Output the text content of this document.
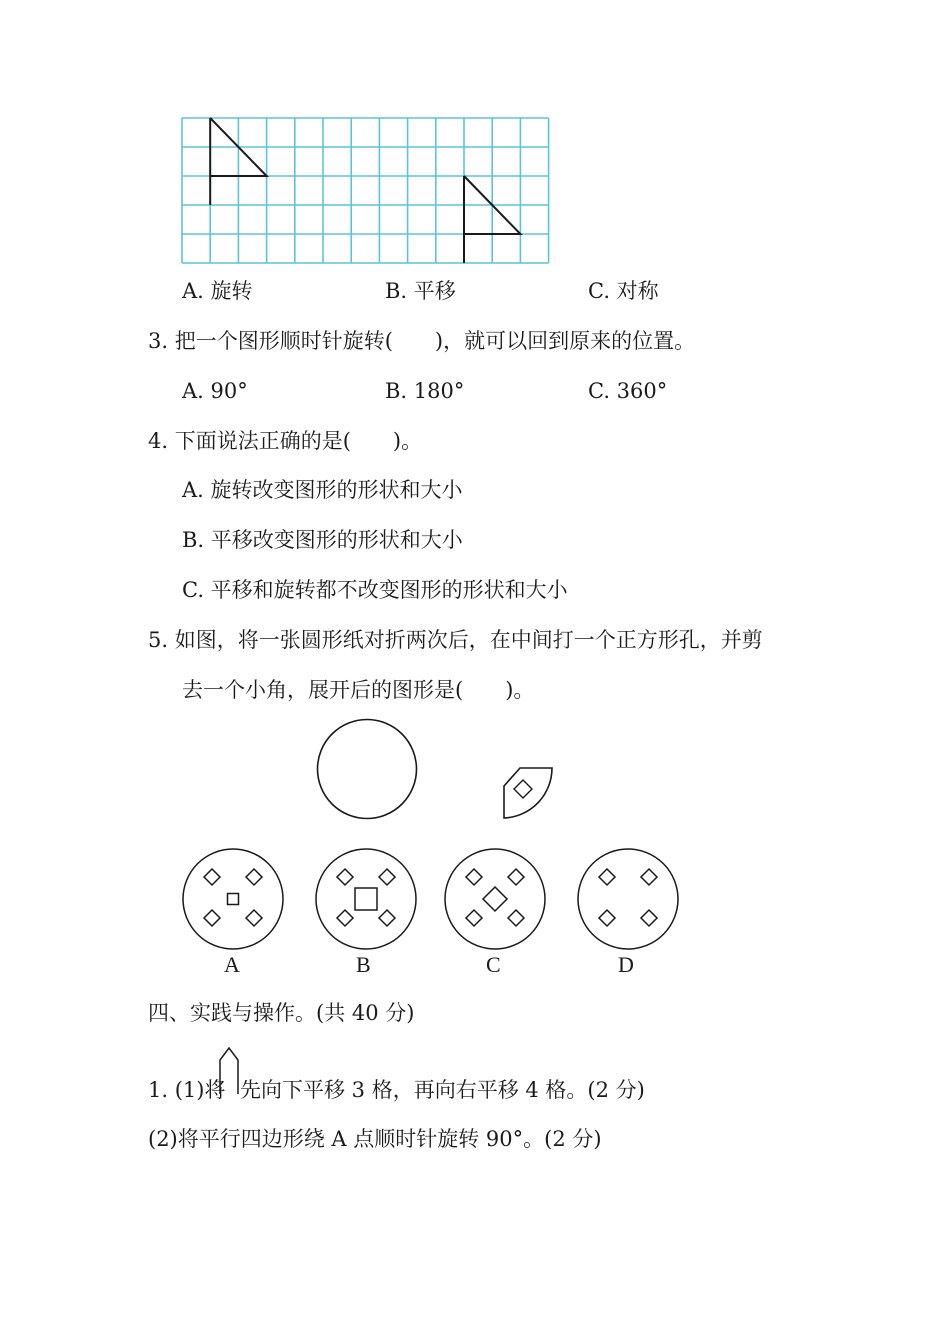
A. 旋转	B. 平移	C. 对称
3. 把一个图形顺时针旋转(　　)，就可以回到原来的位置。
A. 90°	B. 180°	C. 360°
4. 下面说法正确的是(　　)。
A. 旋转改变图形的形状和大小
B. 平移改变图形的形状和大小
C. 平移和旋转都不改变图形的形状和大小
5. 如图，将一张圆形纸对折两次后，在中间打一个正方形孔，并剪
去一个小角，展开后的图形是(　　)。
A	B	C	D
四、实践与操作。(共 40 分)
1. (1)将 先向下平移 3 格，再向右平移 4 格。(2 分)
(2)将平行四边形绕 A 点顺时针旋转 90°。(2 分)
